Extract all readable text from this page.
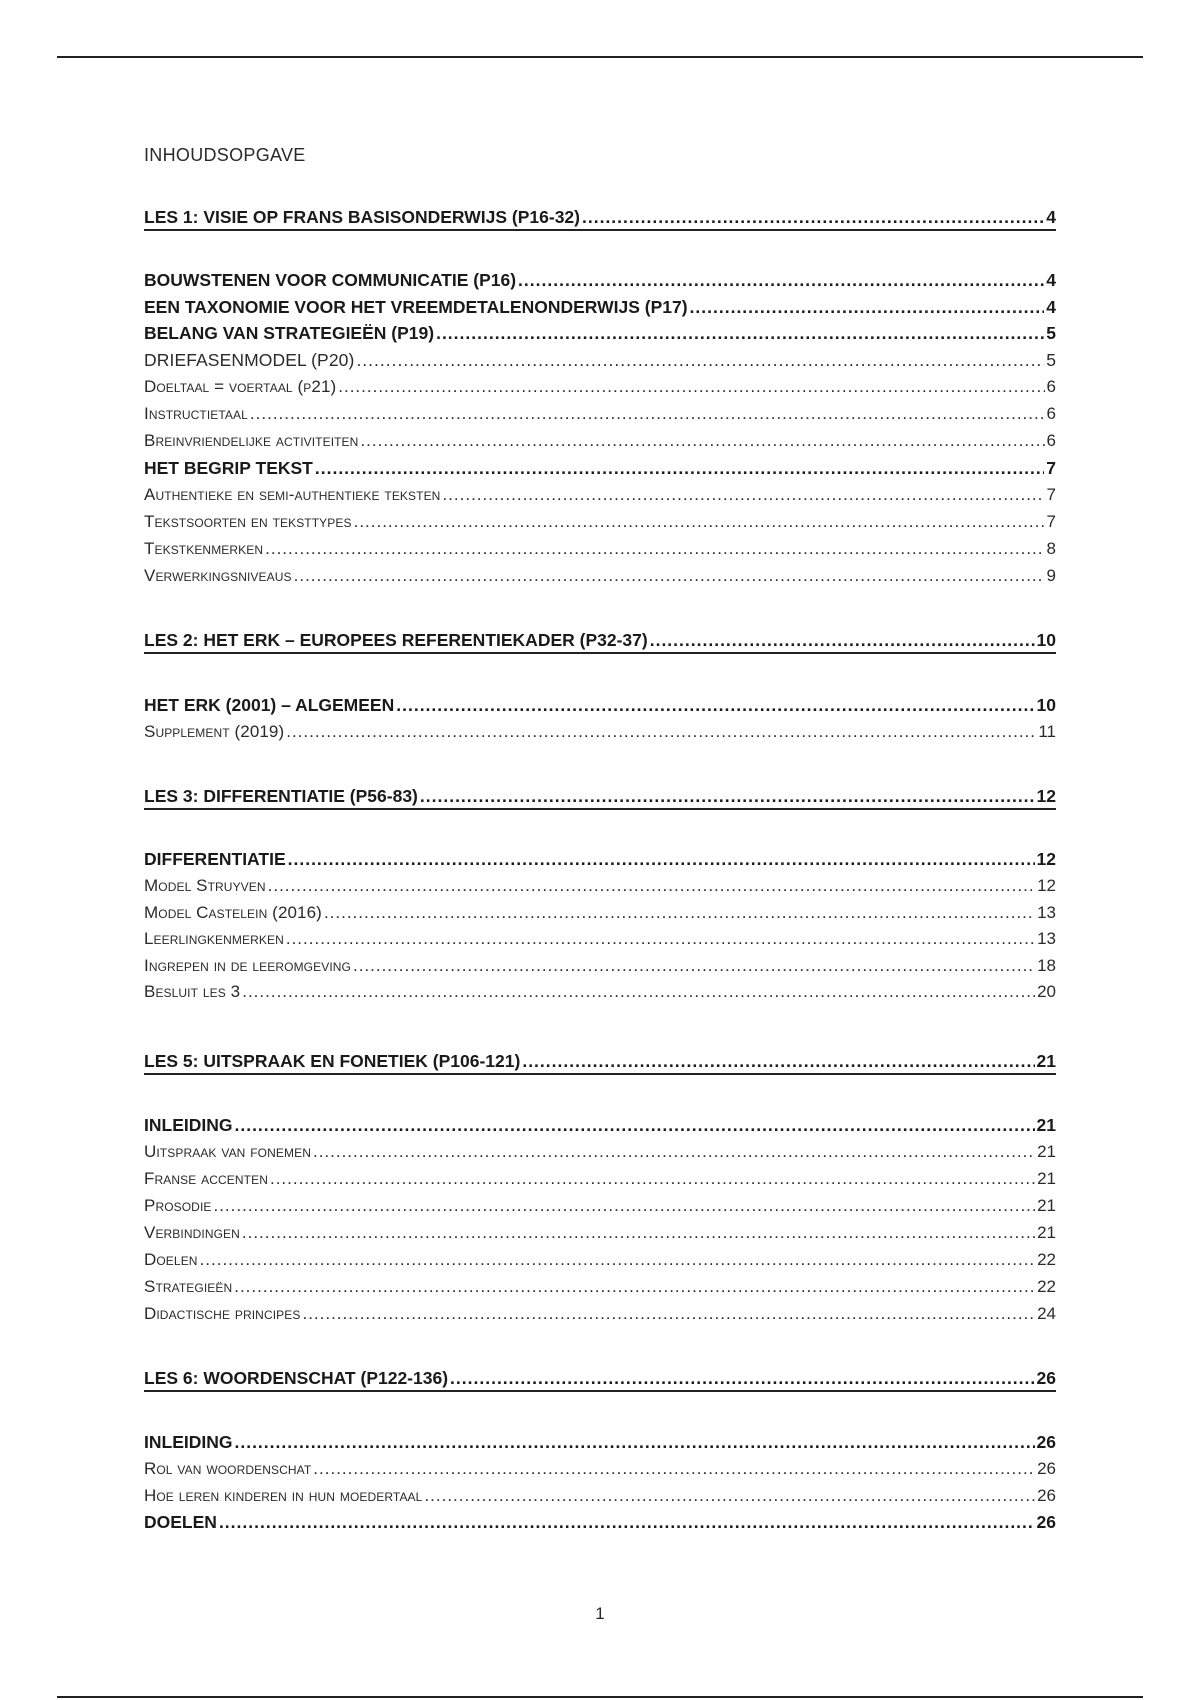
INHOUDSOPGAVE
LES 1: VISIE OP FRANS BASISONDERWIJS (P16-32) .....	4
BOUWSTENEN VOOR COMMUNICATIE (P16) .....	4
EEN TAXONOMIE VOOR HET VREEMDETALENONDERWIJS (P17) .....	4
BELANG VAN STRATEGIEËN (P19) .....	5
DRIEFASENMODEL (P20) .....	5
Doeltaal = voertaal (p21) .....	6
Instructietaal .....	6
Breinvriendelijke activiteiten .....	6
HET BEGRIP TEKST .....	7
Authentieke en semi-authentieke teksten .....	7
Tekstsoorten en teksttypes .....	7
Tekstkenmerken .....	8
Verwerkingsniveaus .....	9
LES 2: HET ERK – EUROPEES REFERENTIEKADER (P32-37) .....	10
HET ERK (2001) – ALGEMEEN .....	10
Supplement (2019) .....	11
LES 3: DIFFERENTIATIE (P56-83) .....	12
DIFFERENTIATIE .....	12
Model Struyven .....	12
Model Castelein (2016) .....	13
Leerlingkenmerken .....	13
Ingrepen in de leeromgeving .....	18
Besluit les 3 .....	20
LES 5: UITSPRAAK EN FONETIEK (P106-121) .....	21
INLEIDING .....	21
Uitspraak van fonemen .....	21
Franse accenten .....	21
Prosodie .....	21
Verbindingen .....	21
Doelen .....	22
Strategieën .....	22
Didactische principes .....	24
LES 6: WOORDENSCHAT (P122-136) .....	26
INLEIDING .....	26
Rol van woordenschat .....	26
Hoe leren kinderen in hun moedertaal .....	26
DOELEN .....	26
1
